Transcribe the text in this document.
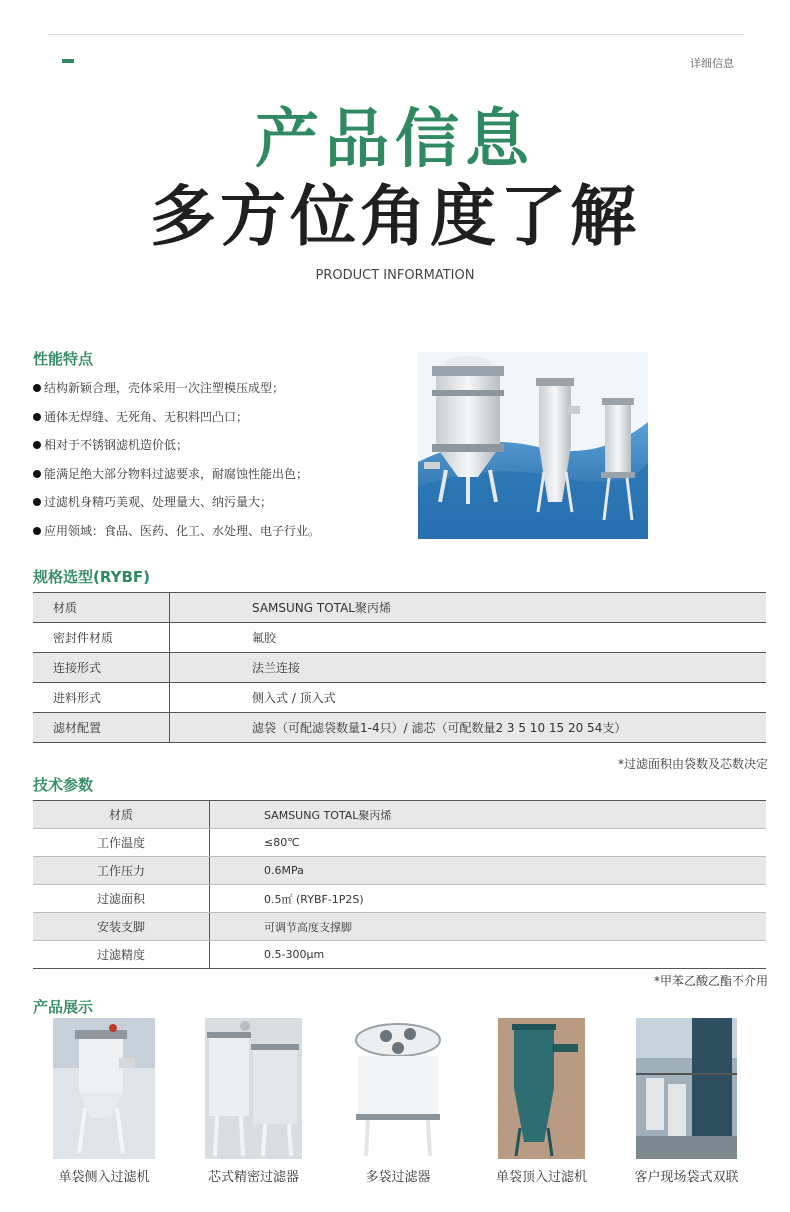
详细信息
产品信息
多方位角度了解
PRODUCT INFORMATION
性能特点
结构新颖合理，壳体采用一次注塑模压成型；
通体无焊缝、无死角、无积料凹凸口；
相对于不锈钢滤机造价低；
能满足绝大部分物料过滤要求，耐腐蚀性能出色；
过滤机身精巧美观、处理量大、纳污量大；
应用领域：食品、医药、化工、水处理、电子行业。
规格选型(RYBF)
材质	SAMSUNG TOTAL聚丙烯
密封件材质	氟胶
连接形式	法兰连接
进料形式	侧入式 / 顶入式
滤材配置	滤袋（可配滤袋数量1-4只）/ 滤芯（可配数量2 3 5 10 15 20 54支）
*过滤面积由袋数及芯数决定
技术参数
材质	SAMSUNG TOTAL聚丙烯
工作温度	≤80℃
工作压力	0.6MPa
过滤面积	0.5㎡ (RYBF-1P2S)
安装支脚	可调节高度支撑脚
过滤精度	0.5-300μm
*甲苯乙酸乙酯不介用
产品展示
单袋侧入过滤机	芯式精密过滤器	多袋过滤器	单袋顶入过滤机	客户现场袋式双联
